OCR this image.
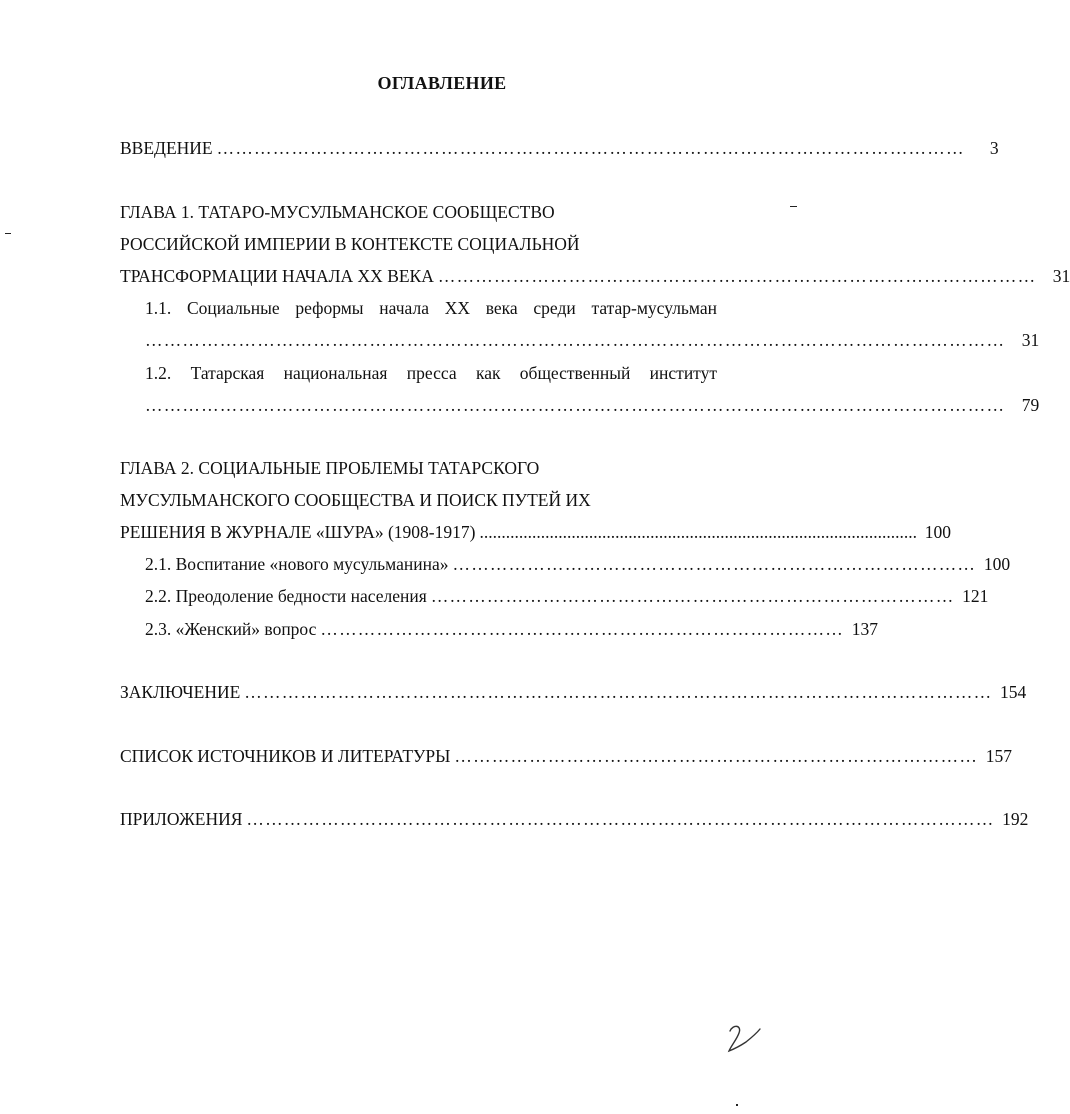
ОГЛАВЛЕНИЕ
ВВЕДЕНИЕ …………………………………………………………………………………………………………	3
ГЛАВА 1. ТАТАРО-МУСУЛЬМАНСКОЕ СООБЩЕСТВО
РОССИЙСКОЙ ИМПЕРИИ В КОНТЕКСТЕ СОЦИАЛЬНОЙ
ТРАНСФОРМАЦИИ НАЧАЛА XX ВЕКА …………………………………………………………………………………… 31
1.1. Социальные реформы начала XX века среди татар-мусульман
………………………………………………………………………………………………………………………… 31
1.2. Татарская национальная пресса как общественный институт
………………………………………………………………………………………………………………………… 79
ГЛАВА 2. СОЦИАЛЬНЫЕ ПРОБЛЕМЫ ТАТАРСКОГО
МУСУЛЬМАНСКОГО СООБЩЕСТВА И ПОИСК ПУТЕЙ ИХ
РЕШЕНИЯ В ЖУРНАЛЕ «ШУРА» (1908-1917) .................................................................................................... 100
2.1. Воспитание «нового мусульманина» ………………………………………………………………………… 100
2.2. Преодоление бедности населения ………………………………………………………………………… 121
2.3. «Женский» вопрос ………………………………………………………………………… 137
ЗАКЛЮЧЕНИЕ ………………………………………………………………………………………………………… 154
СПИСОК ИСТОЧНИКОВ И ЛИТЕРАТУРЫ ………………………………………………………………………… 157
ПРИЛОЖЕНИЯ ………………………………………………………………………………………………………… 192
